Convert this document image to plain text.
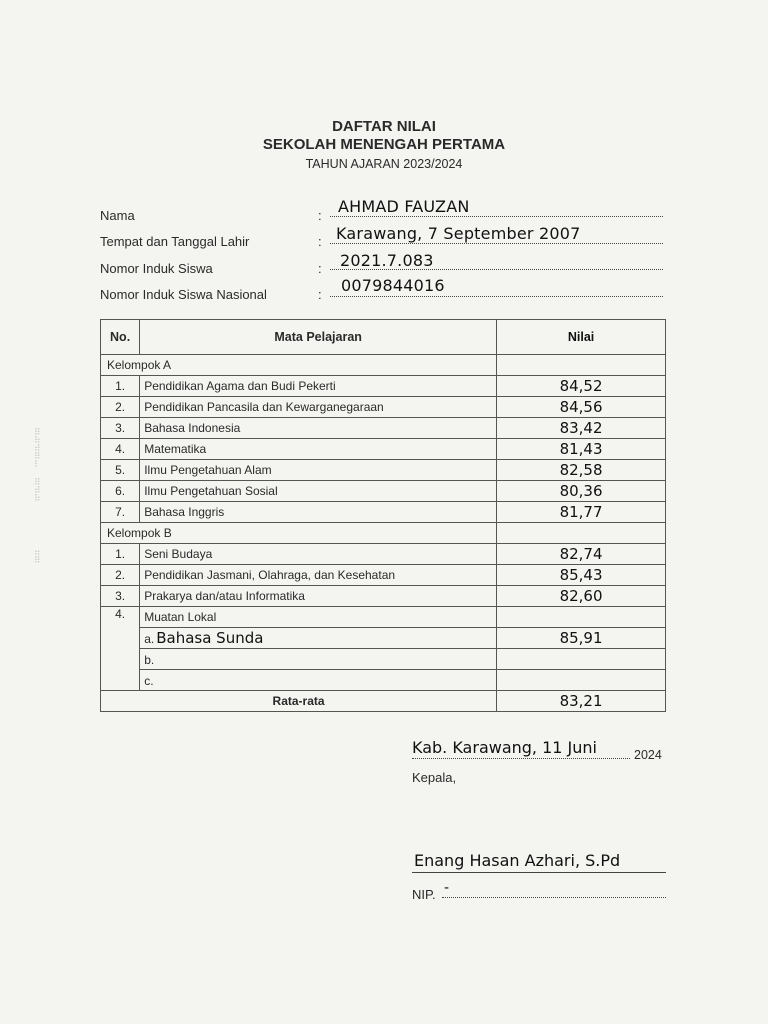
DAFTAR NILAI
SEKOLAH MENENGAH PERTAMA
TAHUN AJARAN 2023/2024
Nama	: AHMAD FAUZAN
Tempat dan Tanggal Lahir	: Karawang, 7 September 2007
Nomor Induk Siswa	: 2021.7.083
Nomor Induk Siswa Nasional	: 0079844016
No.	Mata Pelajaran	Nilai
Kelompok A		
1.	Pendidikan Agama dan Budi Pekerti	84,52
2.	Pendidikan Pancasila dan Kewarganegaraan	84,56
3.	Bahasa Indonesia	83,42
4.	Matematika	81,43
5.	Ilmu Pengetahuan Alam	82,58
6.	Ilmu Pengetahuan Sosial	80,36
7.	Bahasa Inggris	81,77
Kelompok B		
1.	Seni Budaya	82,74
2.	Pendidikan Jasmani, Olahraga, dan Kesehatan	85,43
3.	Prakarya dan/atau Informatika	82,60
4.	Muatan Lokal	
	a. Bahasa Sunda	85,91
	b.	
	c.	
Rata-rata		83,21
Kab. Karawang, 11 Juni	2024
Kepala,
Enang Hasan Azhari, S.Pd
NIP. -
⠿
⠷
⠾
⠿
⠇
⠿
⠾
⠷
⠶
⠿
